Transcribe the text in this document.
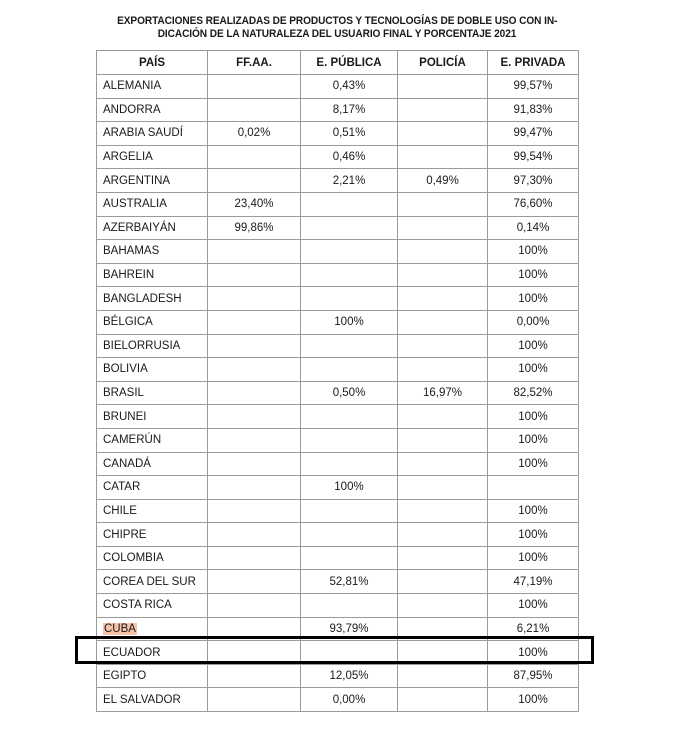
EXPORTACIONES REALIZADAS DE PRODUCTOS Y TECNOLOGÍAS DE DOBLE USO CON IN-
DICACIÓN DE LA NATURALEZA DEL USUARIO FINAL Y PORCENTAJE 2021
PAÍS	FF.AA.	E. PÚBLICA	POLICÍA	E. PRIVADA
ALEMANIA		0,43%		99,57%
ANDORRA		8,17%		91,83%
ARABIA SAUDÍ	0,02%	0,51%		99,47%
ARGELIA		0,46%		99,54%
ARGENTINA		2,21%	0,49%	97,30%
AUSTRALIA	23,40%			76,60%
AZERBAIYÁN	99,86%			0,14%
BAHAMAS				100%
BAHREIN				100%
BANGLADESH				100%
BÉLGICA		100%		0,00%
BIELORRUSIA				100%
BOLIVIA				100%
BRASIL		0,50%	16,97%	82,52%
BRUNEI				100%
CAMERÚN				100%
CANADÁ				100%
CATAR		100%		
CHILE				100%
CHIPRE				100%
COLOMBIA				100%
COREA DEL SUR		52,81%		47,19%
COSTA RICA				100%
CUBA		93,79%		6,21%
ECUADOR				100%
EGIPTO		12,05%		87,95%
EL SALVADOR		0,00%		100%
